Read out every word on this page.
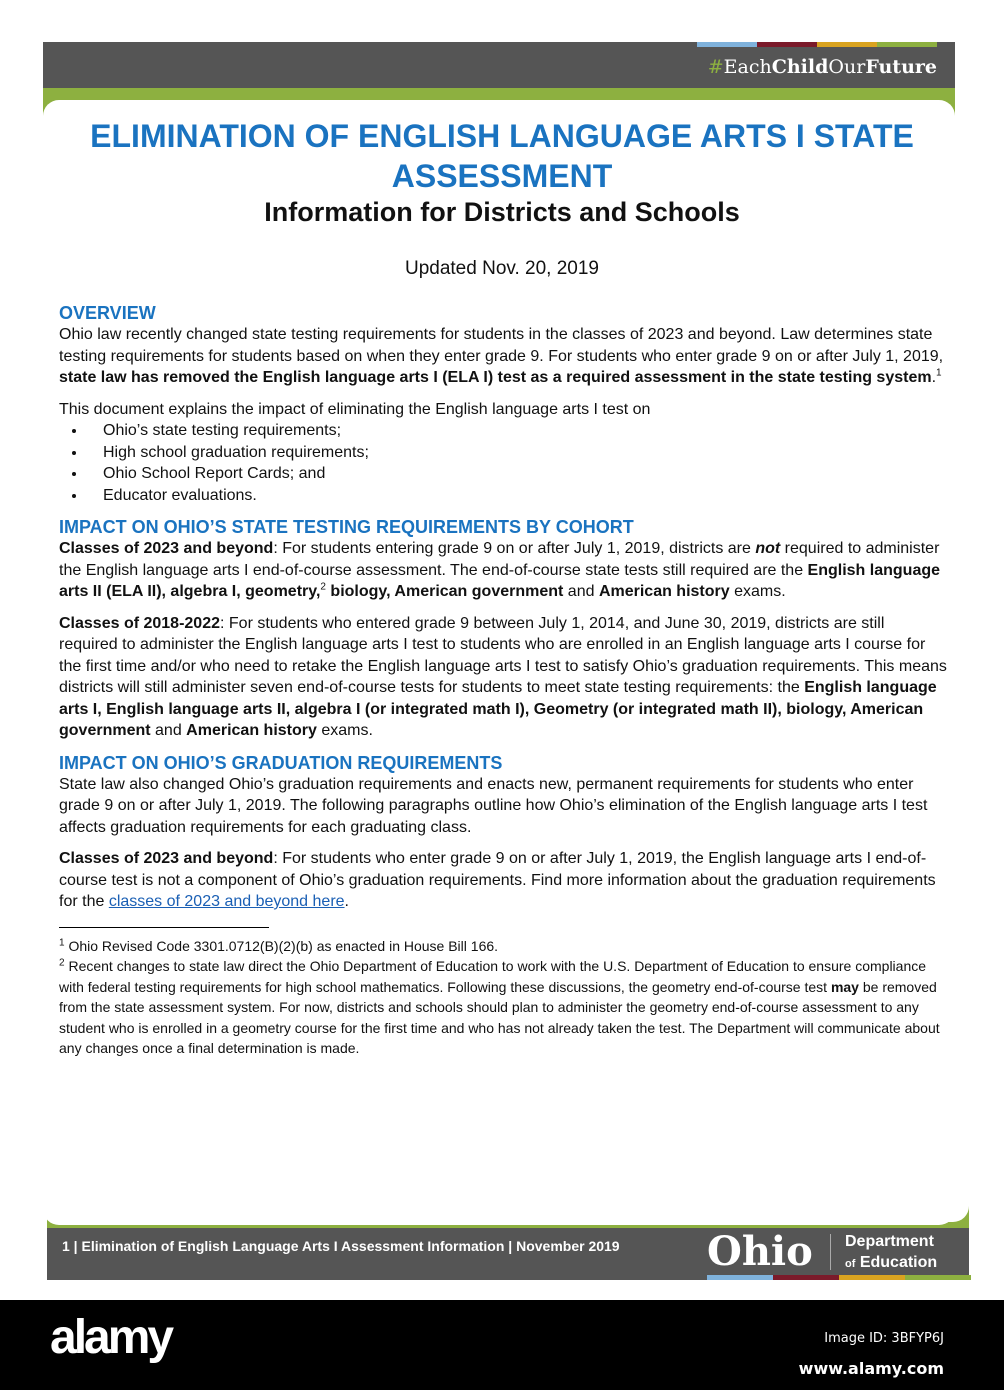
#EachChildOurFuture
ELIMINATION OF ENGLISH LANGUAGE ARTS I STATE ASSESSMENT
Information for Districts and Schools
Updated Nov. 20, 2019
OVERVIEW

Ohio law recently changed state testing requirements for students in the classes of 2023 and beyond. Law determines state testing requirements for students based on when they enter grade 9. For students who enter grade 9 on or after July 1, 2019, state law has removed the English language arts I (ELA I) test as a required assessment in the state testing system.$^1$

This document explains the impact of eliminating the English language arts I test on
• Ohio’s state testing requirements;
• High school graduation requirements;
• Ohio School Report Cards; and
• Educator evaluations.
IMPACT ON OHIO’S STATE TESTING REQUIREMENTS BY COHORT

Classes of 2023 and beyond: For students entering grade 9 on or after July 1, 2019, districts are not required to administer the English language arts I end-of-course assessment. The end-of-course state tests still required are the English language arts II (ELA II), algebra I, geometry,$^2$ biology, American government and American history exams.

Classes of 2018-2022: For students who entered grade 9 between July 1, 2014, and June 30, 2019, districts are still required to administer the English language arts I test to students who are enrolled in an English language arts I course for the first time and/or who need to retake the English language arts I test to satisfy Ohio’s graduation requirements. This means districts will still administer seven end-of-course tests for students to meet state testing requirements: the English language arts I, English language arts II, algebra I (or integrated math I), Geometry (or integrated math II), biology, American government and American history exams.

IMPACT ON OHIO’S GRADUATION REQUIREMENTS

State law also changed Ohio’s graduation requirements and enacts new, permanent requirements for students who enter grade 9 on or after July 1, 2019. The following paragraphs outline how Ohio’s elimination of the English language arts I test affects graduation requirements for each graduating class.

Classes of 2023 and beyond: For students who enter grade 9 on or after July 1, 2019, the English language arts I end-of-course test is not a component of Ohio’s graduation requirements. Find more information about the graduation requirements for the classes of 2023 and beyond here.

$^1$ Ohio Revised Code 3301.0712(B)(2)(b) as enacted in House Bill 166.
$^2$ Recent changes to state law direct the Ohio Department of Education to work with the U.S. Department of Education to ensure compliance with federal testing requirements for high school mathematics. Following these discussions, the geometry end-of-course test may be removed from the state assessment system. For now, districts and schools should plan to administer the geometry end-of-course assessment to any student who is enrolled in a geometry course for the first time and who has not already taken the test. The Department will communicate about any changes once a final determination is made.
1 | Elimination of English Language Arts I Assessment Information | November 2019 Ohio Department
of Education
alamy	Image ID: 3BFYP6J
www.alamy.com
